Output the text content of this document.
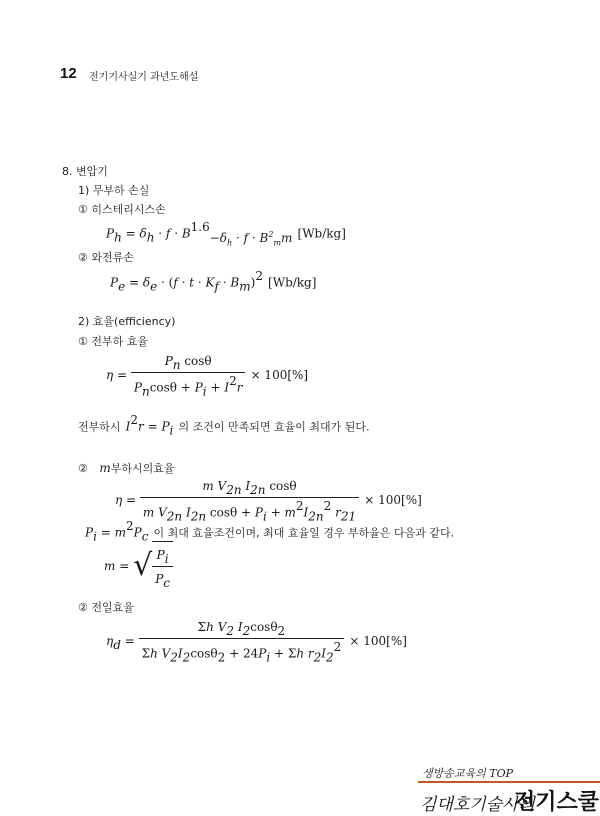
12 전기기사실기 과년도해설
8. 변압기
1) 무부하 손실
① 히스테리시스손
$P_h = \delta_h \cdot f \cdot B^{1.6}_{-\delta_h \cdot f \cdot B^2_mm}$ [Wb/kg]
② 와전류손
$P_e = \delta_e \cdot (f \cdot t \cdot K_f \cdot B_m)^2$ [Wb/kg]
2) 효율(efficiency)
① 전부하 효율
$\eta = \frac{P_n \cos\theta}{P_n\cos\theta + P_i + I^2r} \times 100[\%]$
전부하시 $I^2r = P_i$ 의 조건이 만족되면 효율이 최대가 된다.
② m부하시의효율
$\eta = \frac{m V_{2n} I_{2n} \cos\theta}{m V_{2n} I_{2n} \cos\theta + P_i + m^2I_{2n}^2 r_{21}} \times 100[\%]$
$P_i = m^2P_c$ 이 최대 효율조건이며, 최대 효율일 경우 부하율은 다음과 같다.
m = √ $\frac{P_i}{P_c}$
② 전일효율
$\eta_d = \frac{\Sigma h V_2 I_2\cos\theta_2}{\Sigma h V_2I_2\cos\theta_2 + 24P_i + \Sigma h r_2I_2^2} \times 100[\%]$
생방송교육의 TOP
김대호기술사의
전기스쿨
